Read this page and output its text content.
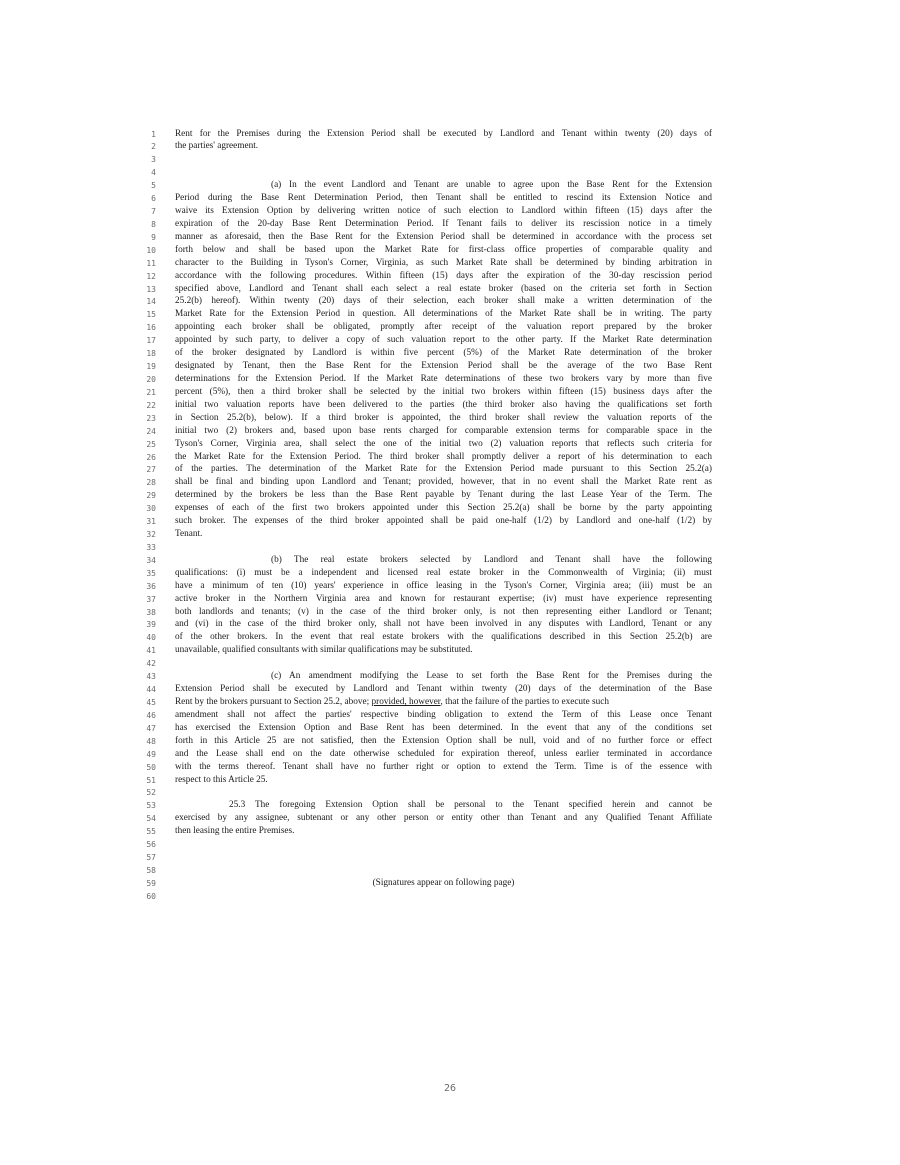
1
2
3
4
5
6
7
8
9
10
11
12
13
14
15
16
17
18
19
20
21
22
23
24
25
26
27
28
29
30
31
32
33
34
35
36
37
38
39
40
41
42
43
44
45
46
47
48
49
50
51
52
53
54
55
56
57
58
59
60
Rent for the Premises during the Extension Period shall be executed by Landlord and Tenant within twenty (20) days of
the parties' agreement.
(a) In the event Landlord and Tenant are unable to agree upon the Base Rent for the Extension
Period during the Base Rent Determination Period, then Tenant shall be entitled to rescind its Extension Notice and
waive its Extension Option by delivering written notice of such election to Landlord within fifteen (15) days after the
expiration of the 20-day Base Rent Determination Period. If Tenant fails to deliver its rescission notice in a timely
manner as aforesaid, then the Base Rent for the Extension Period shall be determined in accordance with the process set
forth below and shall be based upon the Market Rate for first-class office properties of comparable quality and
character to the Building in Tyson's Corner, Virginia, as such Market Rate shall be determined by binding arbitration in
accordance with the following procedures. Within fifteen (15) days after the expiration of the 30-day rescission period
specified above, Landlord and Tenant shall each select a real estate broker (based on the criteria set forth in Section
25.2(b) hereof). Within twenty (20) days of their selection, each broker shall make a written determination of the
Market Rate for the Extension Period in question. All determinations of the Market Rate shall be in writing. The party
appointing each broker shall be obligated, promptly after receipt of the valuation report prepared by the broker
appointed by such party, to deliver a copy of such valuation report to the other party. If the Market Rate determination
of the broker designated by Landlord is within five percent (5%) of the Market Rate determination of the broker
designated by Tenant, then the Base Rent for the Extension Period shall be the average of the two Base Rent
determinations for the Extension Period. If the Market Rate determinations of these two brokers vary by more than five
percent (5%), then a third broker shall be selected by the initial two brokers within fifteen (15) business days after the
initial two valuation reports have been delivered to the parties (the third broker also having the qualifications set forth
in Section 25.2(b), below). If a third broker is appointed, the third broker shall review the valuation reports of the
initial two (2) brokers and, based upon base rents charged for comparable extension terms for comparable space in the
Tyson's Corner, Virginia area, shall select the one of the initial two (2) valuation reports that reflects such criteria for
the Market Rate for the Extension Period. The third broker shall promptly deliver a report of his determination to each
of the parties. The determination of the Market Rate for the Extension Period made pursuant to this Section 25.2(a)
shall be final and binding upon Landlord and Tenant; provided, however, that in no event shall the Market Rate rent as
determined by the brokers be less than the Base Rent payable by Tenant during the last Lease Year of the Term. The
expenses of each of the first two brokers appointed under this Section 25.2(a) shall be borne by the party appointing
such broker. The expenses of the third broker appointed shall be paid one-half (1/2) by Landlord and one-half (1/2) by
Tenant.
(b) The real estate brokers selected by Landlord and Tenant shall have the following
qualifications: (i) must be a independent and licensed real estate broker in the Commonwealth of Virginia; (ii) must
have a minimum of ten (10) years' experience in office leasing in the Tyson's Corner, Virginia area; (iii) must be an
active broker in the Northern Virginia area and known for restaurant expertise; (iv) must have experience representing
both landlords and tenants; (v) in the case of the third broker only, is not then representing either Landlord or Tenant;
and (vi) in the case of the third broker only, shall not have been involved in any disputes with Landlord, Tenant or any
of the other brokers. In the event that real estate brokers with the qualifications described in this Section 25.2(b) are
unavailable, qualified consultants with similar qualifications may be substituted.
(c) An amendment modifying the Lease to set forth the Base Rent for the Premises during the
Extension Period shall be executed by Landlord and Tenant within twenty (20) days of the determination of the Base
Rent by the brokers pursuant to Section 25.2, above; provided, however, that the failure of the parties to execute such
amendment shall not affect the parties' respective binding obligation to extend the Term of this Lease once Tenant
has exercised the Extension Option and Base Rent has been determined. In the event that any of the conditions set
forth in this Article 25 are not satisfied, then the Extension Option shall be null, void and of no further force or effect
and the Lease shall end on the date otherwise scheduled for expiration thereof, unless earlier terminated in accordance
with the terms thereof. Tenant shall have no further right or option to extend the Term. Time is of the essence with
respect to this Article 25.
25.3 The foregoing Extension Option shall be personal to the Tenant specified herein and cannot be
exercised by any assignee, subtenant or any other person or entity other than Tenant and any Qualified Tenant Affiliate
then leasing the entire Premises.
(Signatures appear on following page)
26
